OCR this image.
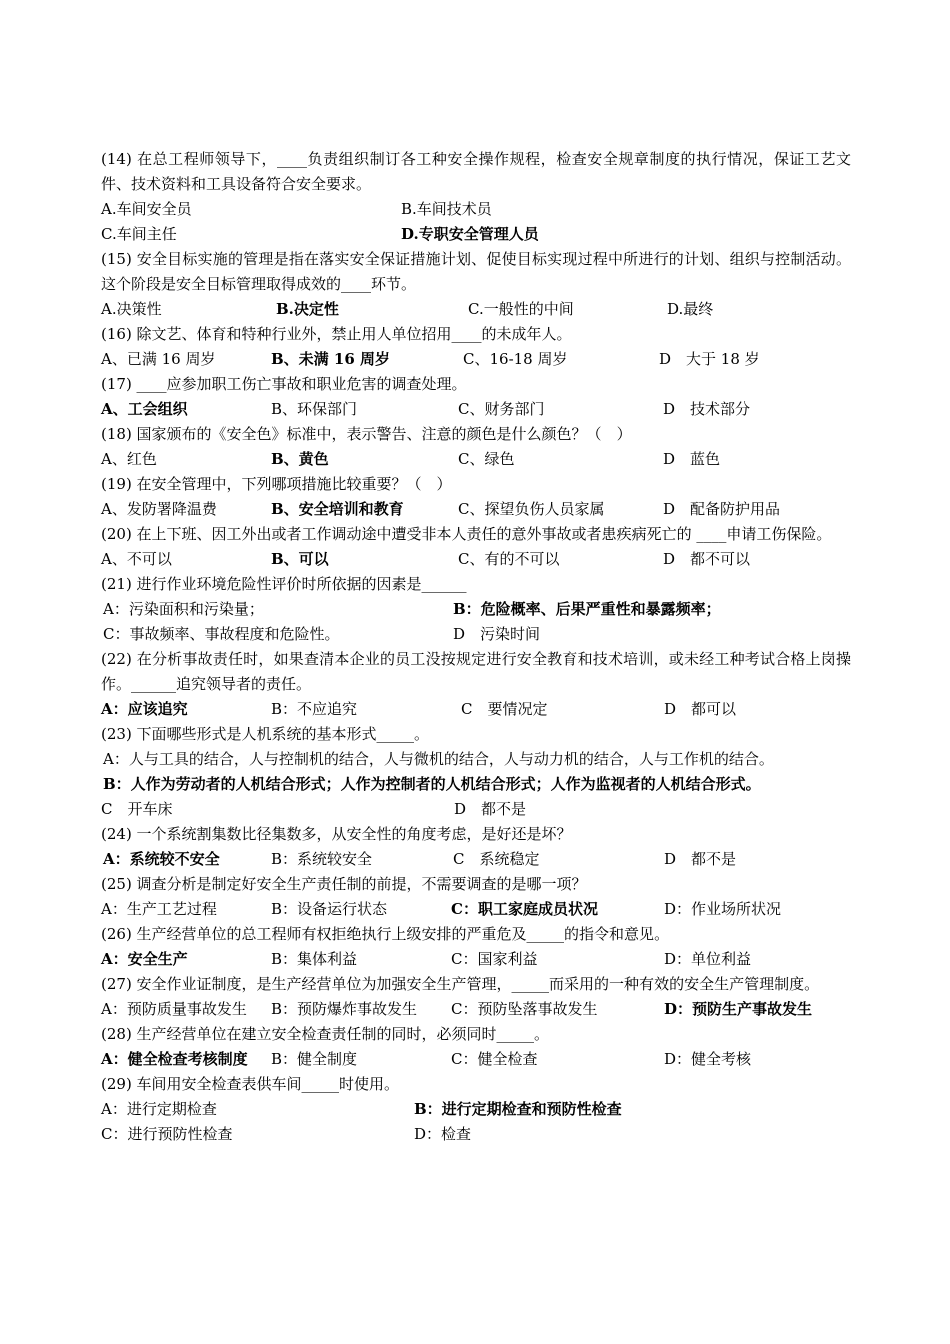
(14) 在总工程师领导下，____负责组织制订各工种安全操作规程，检查安全规章制度的执行情况，保证工艺文件、技术资料和工具设备符合安全要求。
A.车间安全员	B.车间技术员
C.车间主任	D.专职安全管理人员
(15) 安全目标实施的管理是指在落实安全保证措施计划、促使目标实现过程中所进行的计划、组织与控制活动。这个阶段是安全目标管理取得成效的____环节。
A.决策性	B.决定性	C.一般性的中间	D.最终
(16) 除文艺、体育和特种行业外，禁止用人单位招用____的未成年人。
A、已满 16 周岁	B、未满 16 周岁	C、16-18 周岁	D　大于 18 岁
(17) ____应参加职工伤亡事故和职业危害的调查处理。
A、工会组织	B、环保部门	C、财务部门	D　技术部分
(18) 国家颁布的《安全色》标准中，表示警告、注意的颜色是什么颜色？（　）
A、红色	B、黄色	C、绿色	D　蓝色
(19) 在安全管理中，下列哪项措施比较重要？（　）
A、发防署降温费	B、安全培训和教育	C、探望负伤人员家属	D　配备防护用品
(20) 在上下班、因工外出或者工作调动途中遭受非本人责任的意外事故或者患疾病死亡的 ____申请工伤保险。
A、不可以	B、可以	C、有的不可以	D　都不可以
(21) 进行作业环境危险性评价时所依据的因素是______
A：污染面积和污染量；	B：危险概率、后果严重性和暴露频率；
C：事故频率、事故程度和危险性。	D　污染时间
(22) 在分析事故责任时，如果查清本企业的员工没按规定进行安全教育和技术培训，或未经工种考试合格上岗操作。______追究领导者的责任。
A：应该追究	B：不应追究	C　要情况定	D　都可以
(23) 下面哪些形式是人机系统的基本形式_____。
A：人与工具的结合，人与控制机的结合，人与微机的结合，人与动力机的结合，人与工作机的结合。
B：人作为劳动者的人机结合形式；人作为控制者的人机结合形式；人作为监视者的人机结合形式。
C　开车床	D　都不是
(24) 一个系统割集数比径集数多，从安全性的角度考虑，是好还是坏？
A：系统较不安全	B：系统较安全	C　系统稳定	D　都不是
(25) 调查分析是制定好安全生产责任制的前提，不需要调查的是哪一项？
A：生产工艺过程	B：设备运行状态	C：职工家庭成员状况	D：作业场所状况
(26) 生产经营单位的总工程师有权拒绝执行上级安排的严重危及_____的指令和意见。
A：安全生产	B：集体利益	C：国家利益	D：单位利益
(27) 安全作业证制度，是生产经营单位为加强安全生产管理，_____而采用的一种有效的安全生产管理制度。
A：预防质量事故发生 B：预防爆炸事故发生 C：预防坠落事故发生	D：预防生产事故发生
(28) 生产经营单位在建立安全检查责任制的同时，必须同时_____。
A：健全检查考核制度 B：健全制度	C：健全检查	D：健全考核
(29) 车间用安全检查表供车间_____时使用。
A：进行定期检查	B：进行定期检查和预防性检查
C：进行预防性检查	D：检查
